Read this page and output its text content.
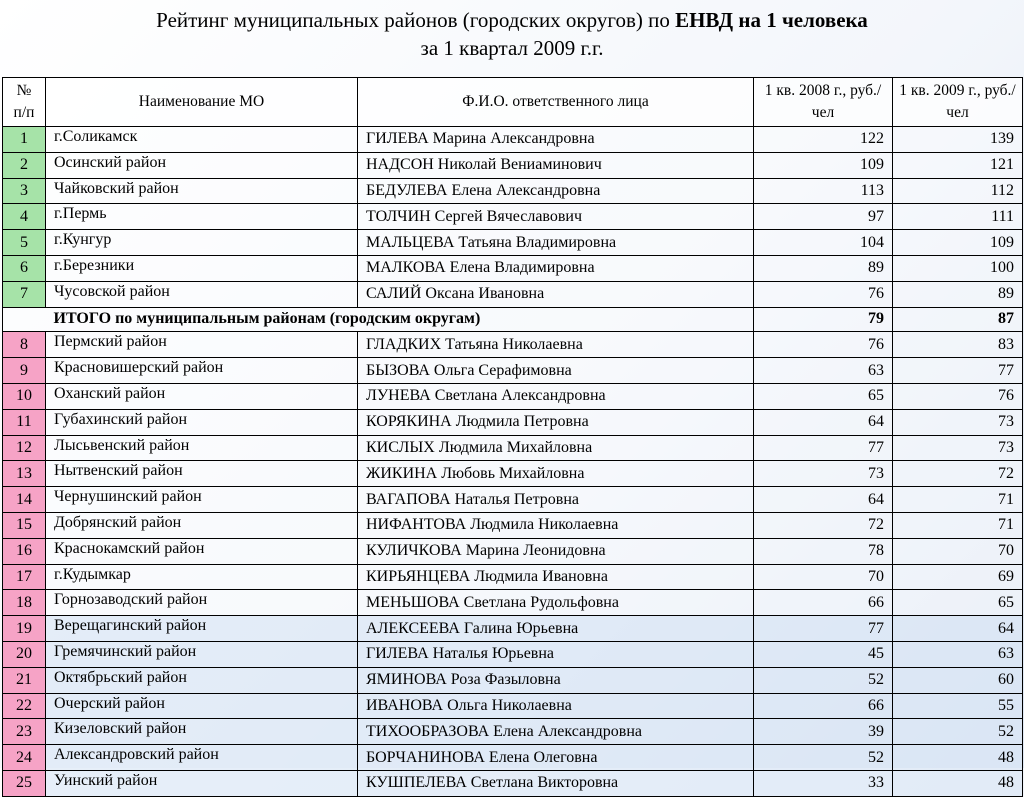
Рейтинг муниципальных районов (городских округов) по ЕНВД на 1 человека
за 1 квартал 2009 г.г.
№ п/п	Наименование МО	Ф.И.О. ответственного лица	1 кв. 2008 г., руб./чел	1 кв. 2009 г., руб./чел
1	г.Соликамск	ГИЛЕВА Марина Александровна	122	139
2	Осинский район	НАДСОН Николай Вениаминович	109	121
3	Чайковский район	БЕДУЛЕВА Елена Александровна	113	112
4	г.Пермь	ТОЛЧИН Сергей Вячеславович	97	111
5	г.Кунгур	МАЛЬЦЕВА Татьяна Владимировна	104	109
6	г.Березники	МАЛКОВА Елена Владимировна	89	100
7	Чусовской район	САЛИЙ Оксана Ивановна	76	89
	ИТОГО по муниципальным районам (городским округам)		79	87
8	Пермский район	ГЛАДКИХ Татьяна Николаевна	76	83
9	Красновишерский район	БЫЗОВА Ольга Серафимовна	63	77
10	Оханский район	ЛУНЕВА Светлана Александровна	65	76
11	Губахинский район	КОРЯКИНА Людмила Петровна	64	73
12	Лысьвенский район	КИСЛЫХ Людмила Михайловна	77	73
13	Нытвенский район	ЖИКИНА Любовь Михайловна	73	72
14	Чернушинский район	ВАГАПОВА Наталья Петровна	64	71
15	Добрянский район	НИФАНТОВА Людмила Николаевна	72	71
16	Краснокамский район	КУЛИЧКОВА Марина Леонидовна	78	70
17	г.Кудымкар	КИРЬЯНЦЕВА Людмила Ивановна	70	69
18	Горнозаводский район	МЕНЬШОВА Светлана Рудольфовна	66	65
19	Верещагинский район	АЛЕКСЕЕВА Галина Юрьевна	77	64
20	Гремячинский район	ГИЛЕВА Наталья Юрьевна	45	63
21	Октябрьский район	ЯМИНОВА Роза Фазыловна	52	60
22	Очерский район	ИВАНОВА Ольга Николаевна	66	55
23	Кизеловский район	ТИХООБРАЗОВА Елена Александровна	39	52
24	Александровский район	БОРЧАНИНОВА Елена Олеговна	52	48
25	Уинский район	КУШПЕЛЕВА Светлана Викторовна	33	48
